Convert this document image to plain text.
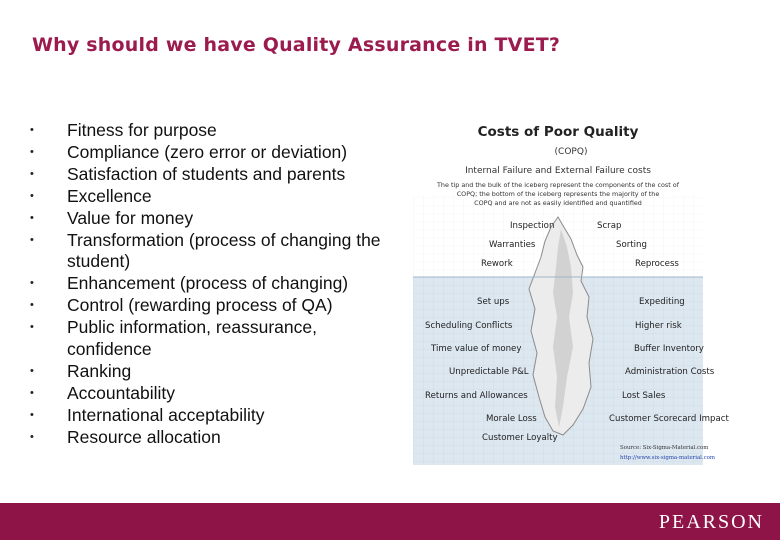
Why should we have Quality Assurance in TVET?
• Fitness for purpose
• Compliance (zero error or deviation)
• Satisfaction of students and parents
• Excellence
• Value for money
• Transformation (process of changing the student)
• Enhancement (process of changing)
• Control (rewarding process of QA)
• Public information, reassurance, confidence
• Ranking
• Accountability
• International acceptability
• Resource allocation
Costs of Poor Quality
(COPQ)
Internal Failure and External Failure costs
The tip and the bulk of the iceberg represent the components of the cost of
COPQ; the bottom of the iceberg represents the majority of the
COPQ and are not as easily identified and quantified
Inspection	Scrap
Warranties	Sorting
Rework	Reprocess
Set ups	Expediting
Scheduling Conflicts	Higher risk
Time value of money	Buffer Inventory
Unpredictable P&L	Administration Costs
Returns and Allowances	Lost Sales
Morale Loss	Customer Scorecard Impact
Customer Loyalty
Source: Six-Sigma-Material.com
http://www.six-sigma-material.com
PEARSON
